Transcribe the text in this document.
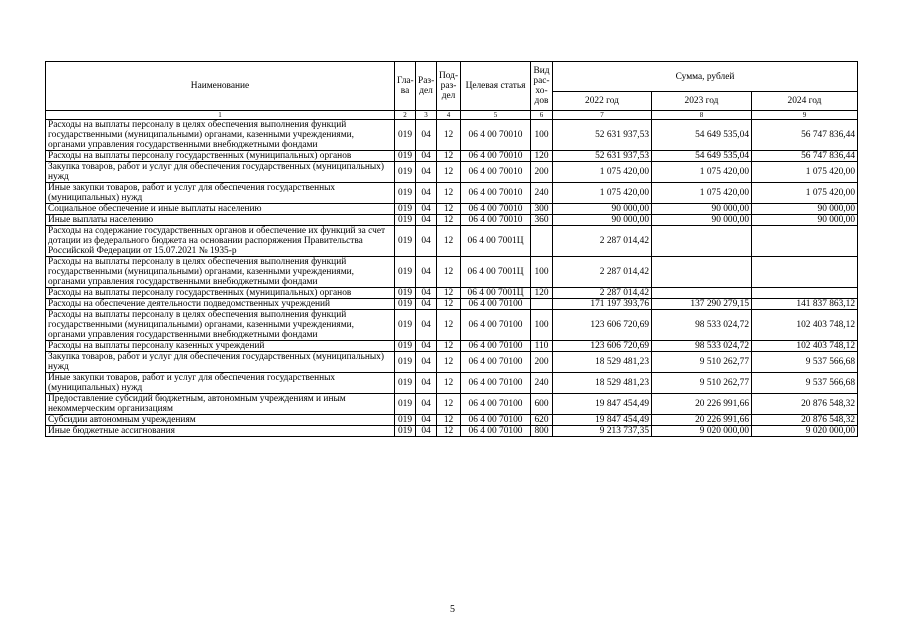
Наименование	Гла-ва	Раз-дел	Под-раз-дел	Целевая статья	Вид рас-хо-дов	Сумма, рублей		
						2022 год	2023 год	2024 год
1	2	3	4	5	6	7	8	9
Расходы на выплаты персоналу в целях обеспечения выполнения функций государственными (муниципальными) органами, казенными учреждениями, органами управления государственными внебюджетными фондами	019	04	12	06 4 00 70010	100	52 631 937,53	54 649 535,04	56 747 836,44
Расходы на выплаты персоналу государственных (муниципальных) органов	019	04	12	06 4 00 70010	120	52 631 937,53	54 649 535,04	56 747 836,44
Закупка товаров, работ и услуг для обеспечения государственных (муниципальных) нужд	019	04	12	06 4 00 70010	200	1 075 420,00	1 075 420,00	1 075 420,00
Иные закупки товаров, работ и услуг для обеспечения государственных (муниципальных) нужд	019	04	12	06 4 00 70010	240	1 075 420,00	1 075 420,00	1 075 420,00
Социальное обеспечение и иные выплаты населению	019	04	12	06 4 00 70010	300	90 000,00	90 000,00	90 000,00
Иные выплаты населению	019	04	12	06 4 00 70010	360	90 000,00	90 000,00	90 000,00
Расходы на содержание государственных органов и обеспечение их функций за счет дотации из федерального бюджета на основании распоряжения Правительства Российской Федерации от 15.07.2021 № 1935-р	019	04	12	06 4 00 7001Ц		2 287 014,42		
Расходы на выплаты персоналу в целях обеспечения выполнения функций государственными (муниципальными) органами, казенными учреждениями, органами управления государственными внебюджетными фондами	019	04	12	06 4 00 7001Ц	100	2 287 014,42		
Расходы на выплаты персоналу государственных (муниципальных) органов	019	04	12	06 4 00 7001Ц	120	2 287 014,42		
Расходы на обеспечение деятельности подведомственных учреждений	019	04	12	06 4 00 70100		171 197 393,76	137 290 279,15	141 837 863,12
Расходы на выплаты персоналу в целях обеспечения выполнения функций государственными (муниципальными) органами, казенными учреждениями, органами управления государственными внебюджетными фондами	019	04	12	06 4 00 70100	100	123 606 720,69	98 533 024,72	102 403 748,12
Расходы на выплаты персоналу казенных учреждений	019	04	12	06 4 00 70100	110	123 606 720,69	98 533 024,72	102 403 748,12
Закупка товаров, работ и услуг для обеспечения государственных (муниципальных) нужд	019	04	12	06 4 00 70100	200	18 529 481,23	9 510 262,77	9 537 566,68
Иные закупки товаров, работ и услуг для обеспечения государственных (муниципальных) нужд	019	04	12	06 4 00 70100	240	18 529 481,23	9 510 262,77	9 537 566,68
Предоставление субсидий бюджетным, автономным учреждениям и иным некоммерческим организациям	019	04	12	06 4 00 70100	600	19 847 454,49	20 226 991,66	20 876 548,32
Субсидии автономным учреждениям	019	04	12	06 4 00 70100	620	19 847 454,49	20 226 991,66	20 876 548,32
Иные бюджетные ассигнования	019	04	12	06 4 00 70100	800	9 213 737,35	9 020 000,00	9 020 000,00
5
